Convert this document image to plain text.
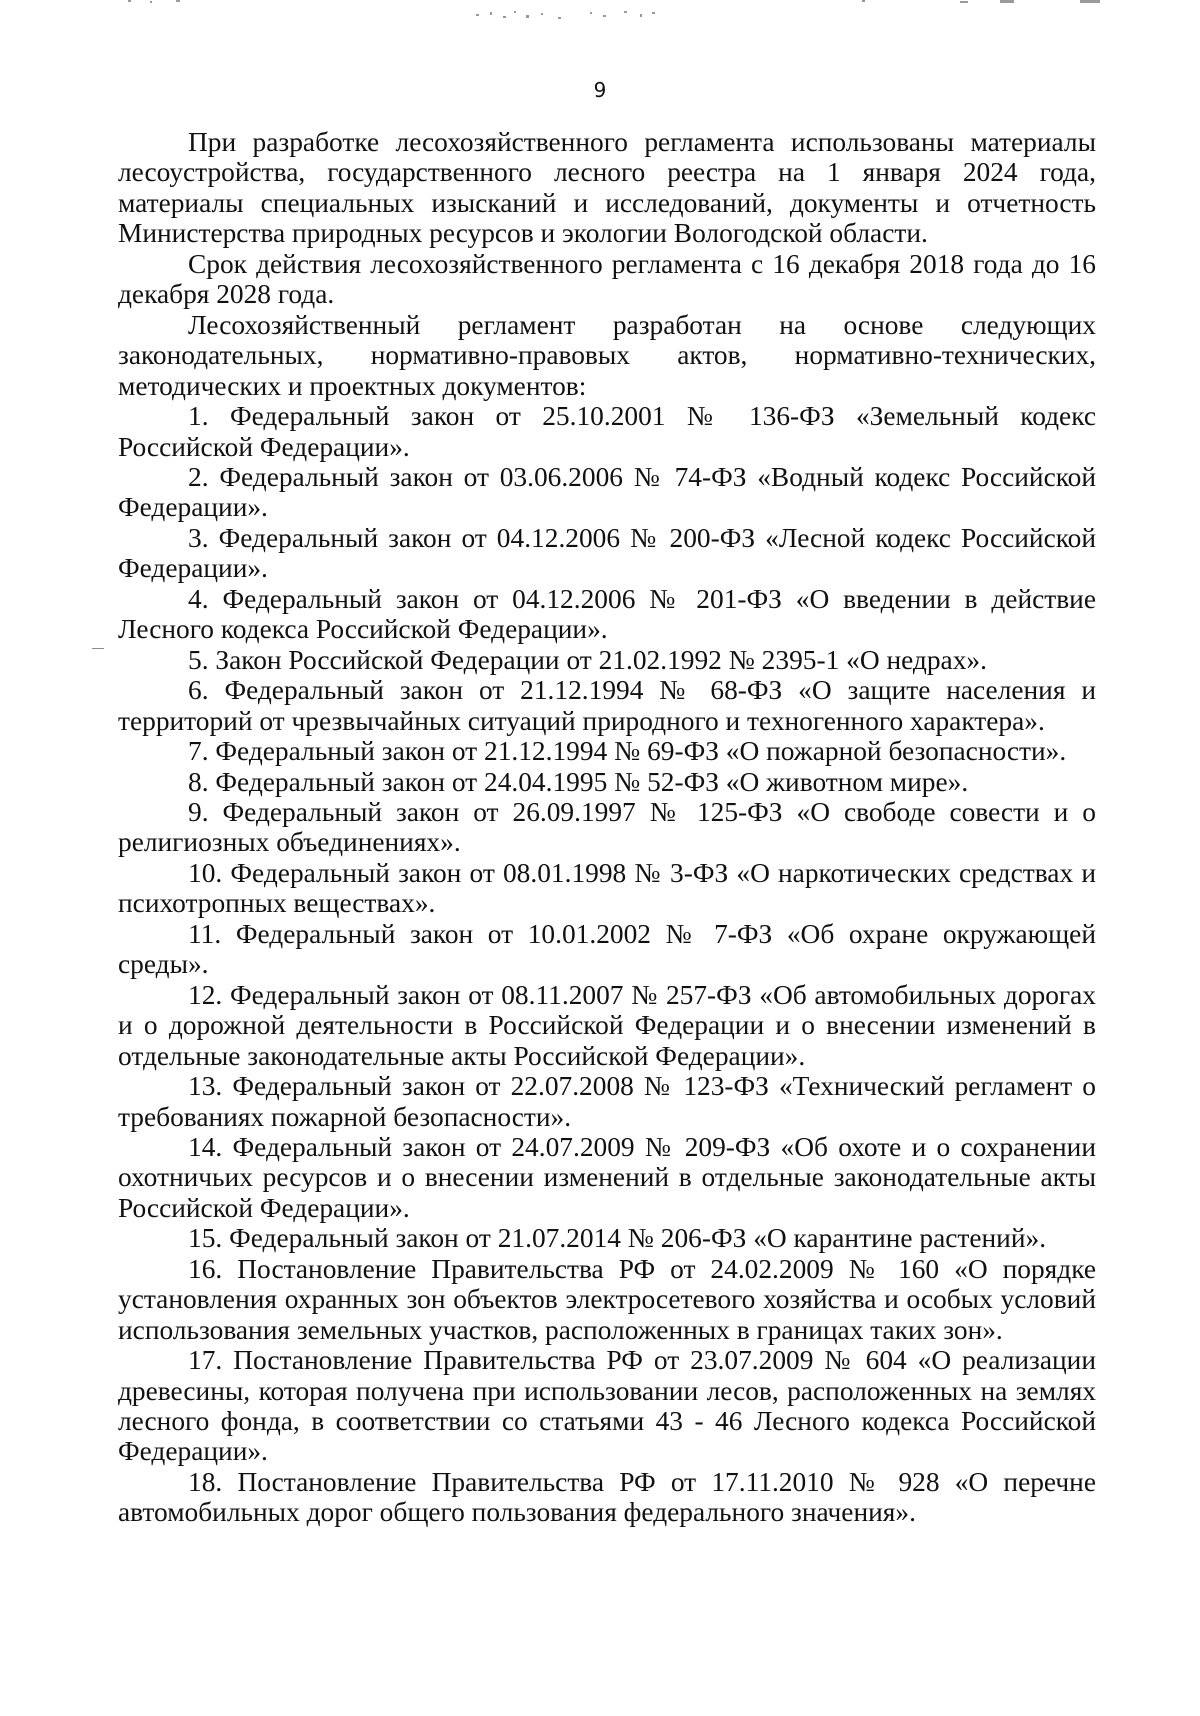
9

При разработке лесохозяйственного регламента использованы материалы лесоустройства, государственного лесного реестра на 1 января 2024 года, материалы специальных изысканий и исследований, документы и отчетность Министерства природных ресурсов и экологии Вологодской области.

Срок действия лесохозяйственного регламента с 16 декабря 2018 года до 16 декабря 2028 года.

Лесохозяйственный регламент разработан на основе следующих законодательных, нормативно-правовых актов, нормативно-технических, методических и проектных документов:

1. Федеральный закон от 25.10.2001 № 136-ФЗ «Земельный кодекс Российской Федерации».

2. Федеральный закон от 03.06.2006 № 74-ФЗ «Водный кодекс Российской Федерации».

3. Федеральный закон от 04.12.2006 № 200-ФЗ «Лесной кодекс Российской Федерации».

4. Федеральный закон от 04.12.2006 № 201-ФЗ «О введении в действие Лесного кодекса Российской Федерации».

5. Закон Российской Федерации от 21.02.1992 № 2395-1 «О недрах».

6. Федеральный закон от 21.12.1994 № 68-ФЗ «О защите населения и территорий от чрезвычайных ситуаций природного и техногенного характера».

7. Федеральный закон от 21.12.1994 № 69-ФЗ «О пожарной безопасности».

8. Федеральный закон от 24.04.1995 № 52-ФЗ «О животном мире».

9. Федеральный закон от 26.09.1997 № 125-ФЗ «О свободе совести и о религиозных объединениях».

10. Федеральный закон от 08.01.1998 № 3-ФЗ «О наркотических средствах и психотропных веществах».

11. Федеральный закон от 10.01.2002 № 7-ФЗ «Об охране окружающей среды».

12. Федеральный закон от 08.11.2007 № 257-ФЗ «Об автомобильных дорогах и о дорожной деятельности в Российской Федерации и о внесении изменений в отдельные законодательные акты Российской Федерации».

13. Федеральный закон от 22.07.2008 № 123-ФЗ «Технический регламент о требованиях пожарной безопасности».

14. Федеральный закон от 24.07.2009 № 209-ФЗ «Об охоте и о сохранении охотничьих ресурсов и о внесении изменений в отдельные законодательные акты Российской Федерации».

15. Федеральный закон от 21.07.2014 № 206-ФЗ «О карантине растений».

16. Постановление Правительства РФ от 24.02.2009 № 160 «О порядке установления охранных зон объектов электросетевого хозяйства и особых условий использования земельных участков, расположенных в границах таких зон».

17. Постановление Правительства РФ от 23.07.2009 № 604 «О реализации древесины, которая получена при использовании лесов, расположенных на землях лесного фонда, в соответствии со статьями 43 - 46 Лесного кодекса Российской Федерации».

18. Постановление Правительства РФ от 17.11.2010 № 928 «О перечне автомобильных дорог общего пользования федерального значения».
